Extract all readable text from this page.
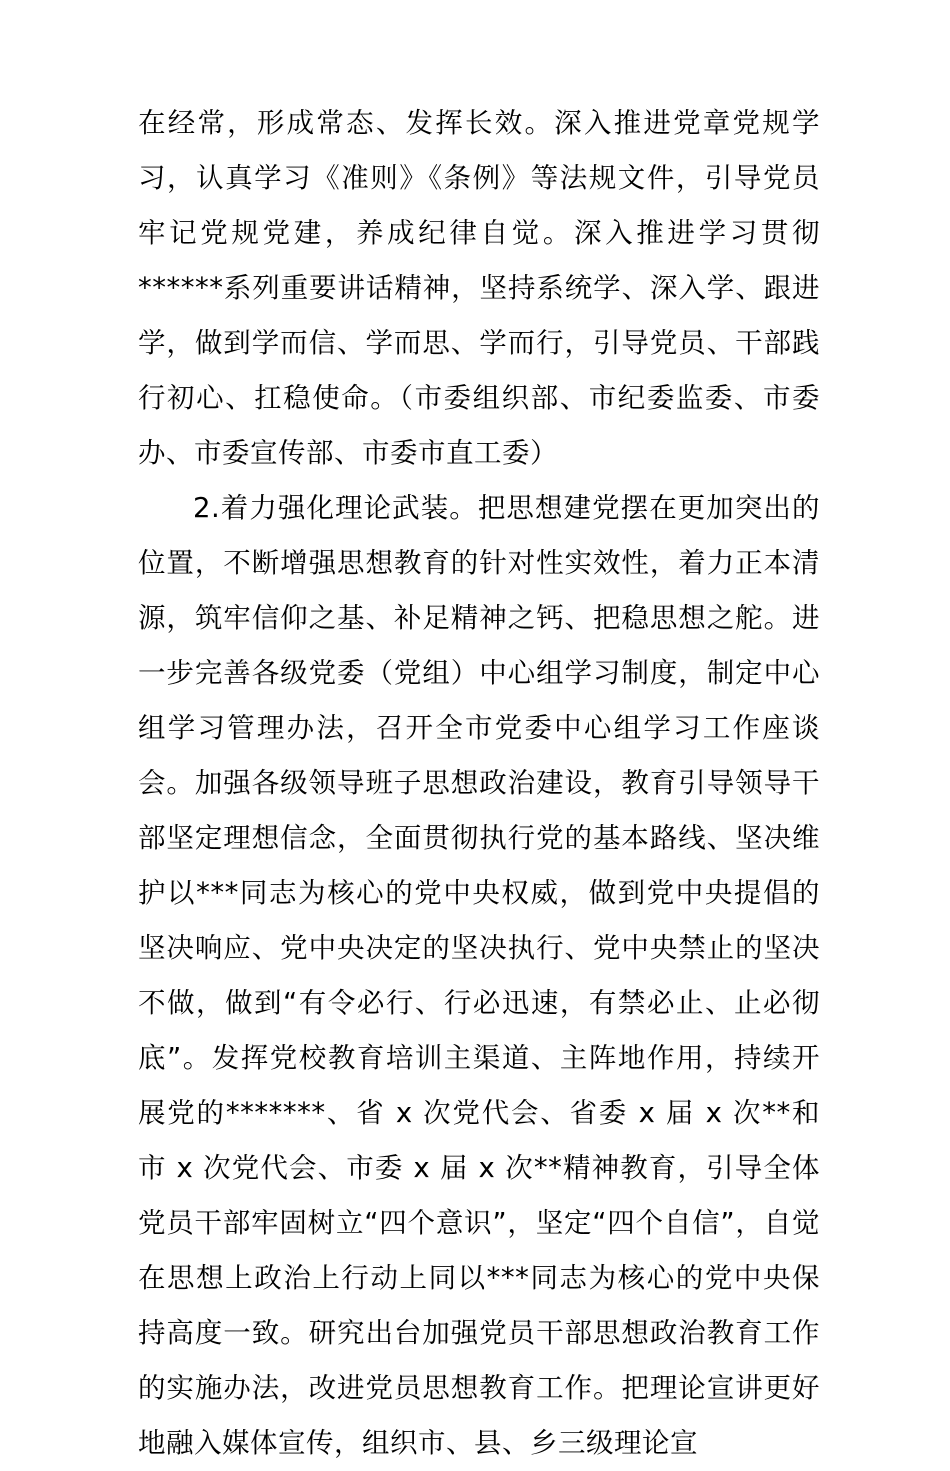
在经常，形成常态、发挥长效。深入推进党章党规学习，认真学习《准则》《条例》等法规文件，引导党员牢记党规党建，养成纪律自觉。深入推进学习贯彻******系列重要讲话精神，坚持系统学、深入学、跟进学，做到学而信、学而思、学而行，引导党员、干部践行初心、扛稳使命。（市委组织部、市纪委监委、市委办、市委宣传部、市委市直工委）

2.着力强化理论武装。把思想建党摆在更加突出的位置，不断增强思想教育的针对性实效性，着力正本清源，筑牢信仰之基、补足精神之钙、把稳思想之舵。进一步完善各级党委（党组）中心组学习制度，制定中心组学习管理办法，召开全市党委中心组学习工作座谈会。加强各级领导班子思想政治建设，教育引导领导干部坚定理想信念，全面贯彻执行党的基本路线、坚决维护以***同志为核心的党中央权威，做到党中央提倡的坚决响应、党中央决定的坚决执行、党中央禁止的坚决不做，做到“有令必行、行必迅速，有禁必止、止必彻底”。发挥党校教育培训主渠道、主阵地作用，持续开展党的*******、省 x 次党代会、省委 x 届 x 次**和市 x 次党代会、市委 x 届 x 次**精神教育，引导全体党员干部牢固树立“四个意识”，坚定“四个自信”，自觉在思想上政治上行动上同以***同志为核心的党中央保持高度一致。研究出台加强党员干部思想政治教育工作的实施办法，改进党员思想教育工作。把理论宣讲更好地融入媒体宣传，组织市、县、乡三级理论宣
